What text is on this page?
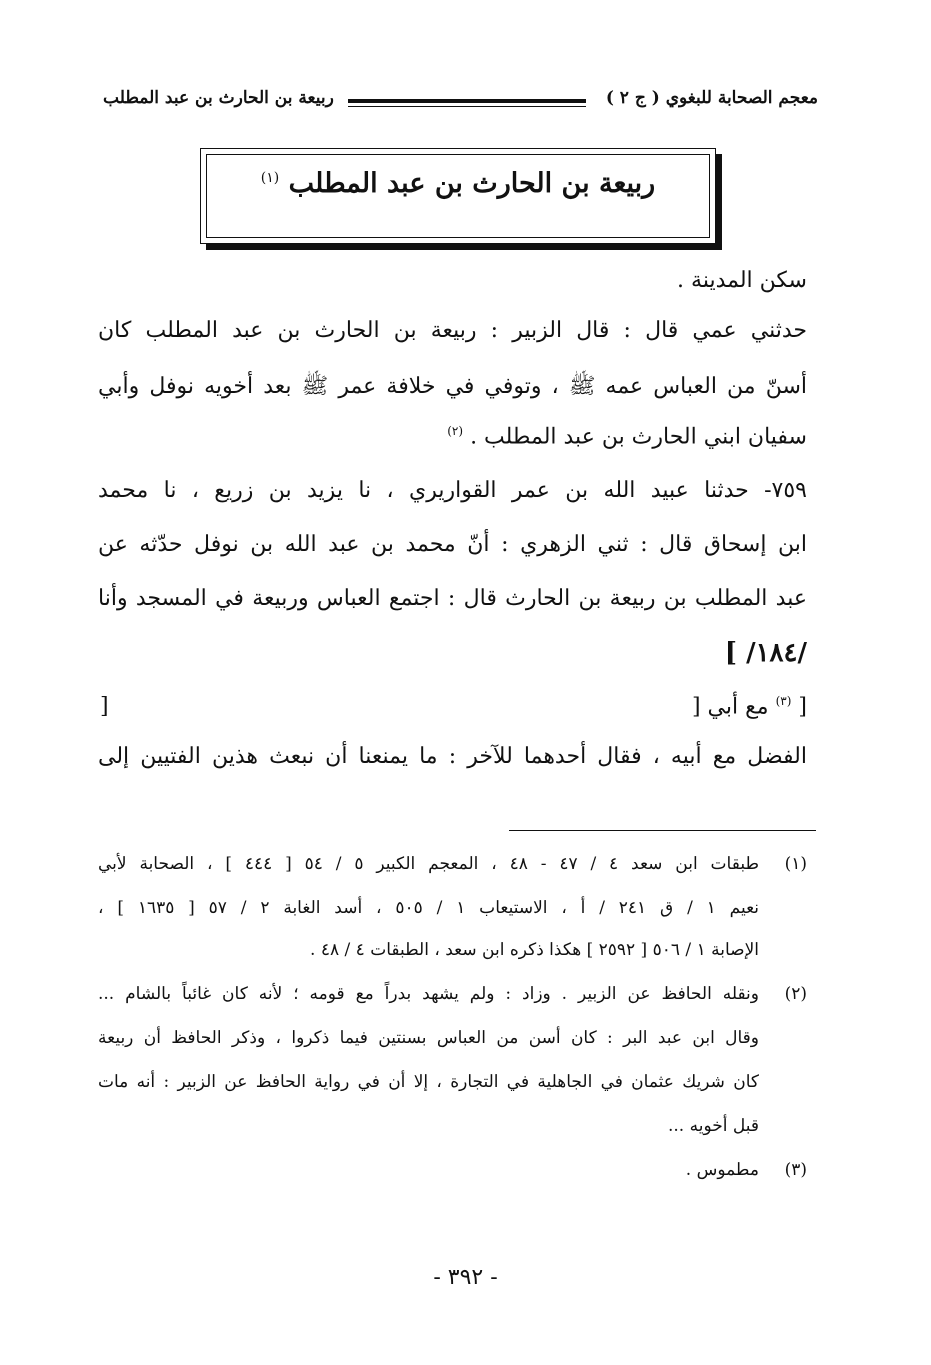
معجم الصحابة للبغوي ( ج ٢ )
ربيعة بن الحارث بن عبد المطلب
ربيعة بن الحارث بن عبد المطلب $^{(١)}$
سكن المدينة .
حدثني عمي قال : قال الزبير : ربيعة بن الحارث بن عبد المطلب كان
أسنّ من العباس عمه ﷺ ، وتوفي في خلافة عمر ﷺ بعد أخويه نوفل وأبي
سفيان ابني الحارث بن عبد المطلب . $^{(٢)}$
٧٥٩- حدثنا عبيد الله بن عمر القواريري ، نا يزيد بن زريع ، نا محمد
ابن إسحاق قال : ثني الزهري : أنّ محمد بن عبد الله بن نوفل حدّثه عن
عبد المطلب بن ربيعة بن الحارث قال : اجتمع العباس وربيعة في المسجد وأنا
/١٨٤/ ]
[ $^{(٣)}$ مع أبي [
]
الفضل مع أبيه ، فقال أحدهما للآخر : ما يمنعنا أن نبعث هذين الفتيين إلى
(١)
طبقات ابن سعد ٤ / ٤٧ - ٤٨ ، المعجم الكبير ٥ / ٥٤ [ ٤٤٤ ] ، الصحابة لأبي
نعيم ١ / ق ٢٤١ / أ ، الاستيعاب ١ / ٥٠٥ ، أسد الغابة ٢ / ٥٧ [ ١٦٣٥ ] ،
الإصابة ١ / ٥٠٦ [ ٢٥٩٢ ] هكذا ذكره ابن سعد ، الطبقات ٤ / ٤٨ .
(٢)
ونقله الحافظ عن الزبير . وزاد : ولم يشهد بدراً مع قومه ؛ لأنه كان غائباً بالشام ...
وقال ابن عبد البر : كان أسن من العباس بسنتين فيما ذكروا ، وذكر الحافظ أن ربيعة
كان شريك عثمان في الجاهلية في التجارة ، إلا أن في رواية الحافظ عن الزبير : أنه مات
قبل أخويه ...
(٣)
مطموس .
- ٣٩٢ -
